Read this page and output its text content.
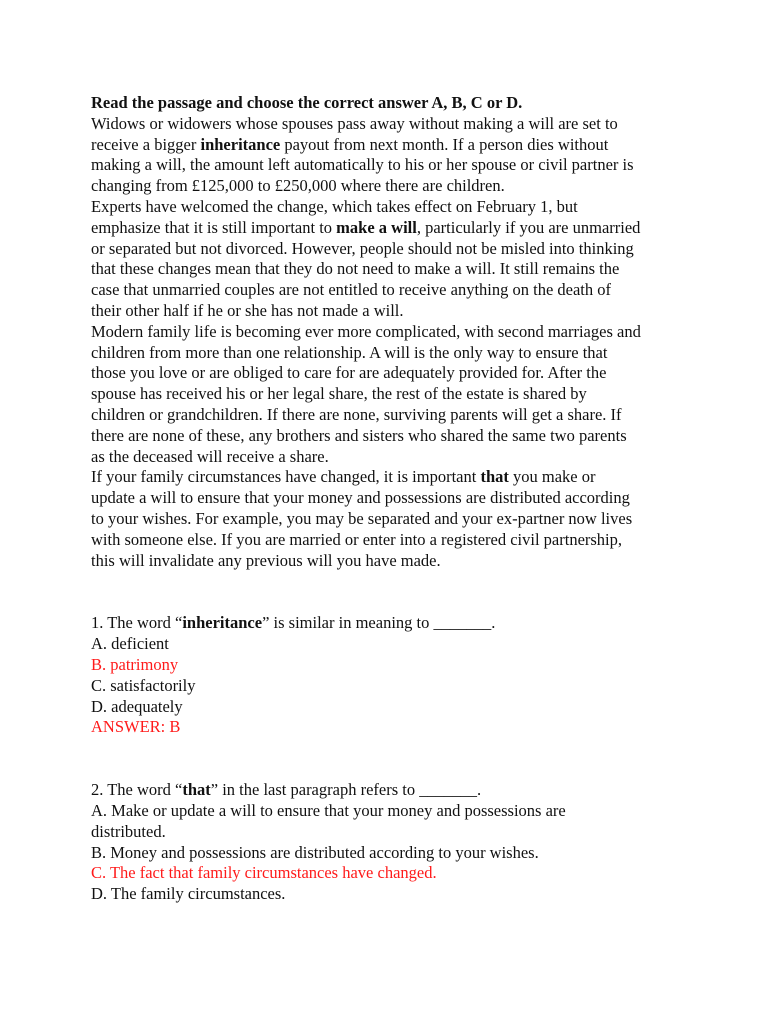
Read the passage and choose the correct answer A, B, C or D.
Widows or widowers whose spouses pass away without making a will are set to
receive a bigger inheritance payout from next month. If a person dies without
making a will, the amount left automatically to his or her spouse or civil partner is
changing from £125,000 to £250,000 where there are children.
Experts have welcomed the change, which takes effect on February 1, but
emphasize that it is still important to make a will, particularly if you are unmarried
or separated but not divorced. However, people should not be misled into thinking
that these changes mean that they do not need to make a will. It still remains the
case that unmarried couples are not entitled to receive anything on the death of
their other half if he or she has not made a will.
Modern family life is becoming ever more complicated, with second marriages and
children from more than one relationship. A will is the only way to ensure that
those you love or are obliged to care for are adequately provided for. After the
spouse has received his or her legal share, the rest of the estate is shared by
children or grandchildren. If there are none, surviving parents will get a share. If
there are none of these, any brothers and sisters who shared the same two parents
as the deceased will receive a share.
If your family circumstances have changed, it is important that you make or
update a will to ensure that your money and possessions are distributed according
to your wishes. For example, you may be separated and your ex-partner now lives
with someone else. If you are married or enter into a registered civil partnership,
this will invalidate any previous will you have made.
1. The word “inheritance” is similar in meaning to _______.
A. deficient
B. patrimony
C. satisfactorily
D. adequately
ANSWER: B
2. The word “that” in the last paragraph refers to _______.
A. Make or update a will to ensure that your money and possessions are
distributed.
B. Money and possessions are distributed according to your wishes.
C. The fact that family circumstances have changed.
D. The family circumstances.
